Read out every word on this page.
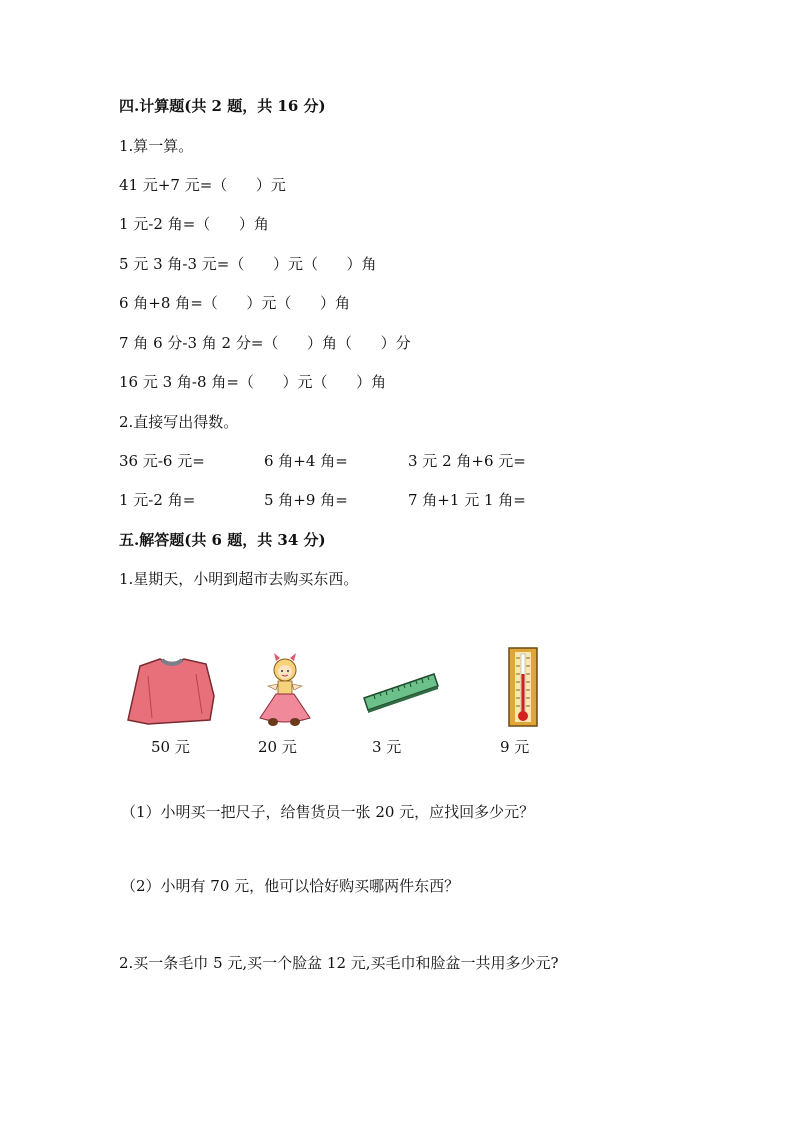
四.计算题(共 2 题，共 16 分)
1.算一算。
41 元+7 元=（      ）元
1 元-2 角=（      ）角
5 元 3 角-3 元=（      ）元（      ）角
6 角+8 角=（      ）元（      ）角
7 角 6 分-3 角 2 分=（      ）角（      ）分
16 元 3 角-8 角=（      ）元（      ）角
2.直接写出得数。
36 元-6 元=	6 角+4 角=	3 元 2 角+6 元=
1 元-2 角=	5 角+9 角=	7 角+1 元 1 角=
五.解答题(共 6 题，共 34 分)
1.星期天，小明到超市去购买东西。
50 元	20 元	3 元	9 元
（1）小明买一把尺子，给售货员一张 20 元，应找回多少元？
（2）小明有 70 元，他可以恰好购买哪两件东西？
2.买一条毛巾 5 元,买一个脸盆 12 元,买毛巾和脸盆一共用多少元?
